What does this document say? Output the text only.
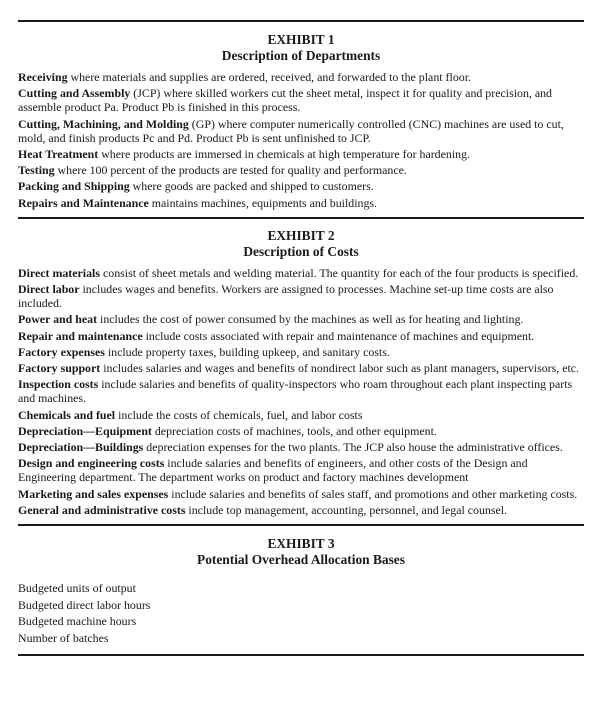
EXHIBIT 1
Description of Departments

Receiving where materials and supplies are ordered, received, and forwarded to the plant floor.

Cutting and Assembly (JCP) where skilled workers cut the sheet metal, inspect it for quality and precision, and assemble product Pa. Product Pb is finished in this process.

Cutting, Machining, and Molding (GP) where computer numerically controlled (CNC) machines are used to cut, mold, and finish products Pc and Pd. Product Pb is sent unfinished to JCP.

Heat Treatment where products are immersed in chemicals at high temperature for hardening.

Testing where 100 percent of the products are tested for quality and performance.

Packing and Shipping where goods are packed and shipped to customers.

Repairs and Maintenance maintains machines, equipments and buildings.

EXHIBIT 2
Description of Costs

Direct materials consist of sheet metals and welding material. The quantity for each of the four products is specified.

Direct labor includes wages and benefits. Workers are assigned to processes. Machine set-up time costs are also included.

Power and heat includes the cost of power consumed by the machines as well as for heating and lighting.

Repair and maintenance include costs associated with repair and maintenance of machines and equipment.

Factory expenses include property taxes, building upkeep, and sanitary costs.

Factory support includes salaries and wages and benefits of nondirect labor such as plant managers, supervisors, etc.

Inspection costs include salaries and benefits of quality-inspectors who roam throughout each plant inspecting parts and machines.

Chemicals and fuel include the costs of chemicals, fuel, and labor costs

Depreciation—Equipment depreciation costs of machines, tools, and other equipment.

Depreciation—Buildings depreciation expenses for the two plants. The JCP also house the administrative offices.

Design and engineering costs include salaries and benefits of engineers, and other costs of the Design and Engineering department. The department works on product and factory machines development

Marketing and sales expenses include salaries and benefits of sales staff, and promotions and other marketing costs.

General and administrative costs include top management, accounting, personnel, and legal counsel.

EXHIBIT 3
Potential Overhead Allocation Bases
Budgeted units of output
Budgeted direct labor hours
Budgeted machine hours
Number of batches
